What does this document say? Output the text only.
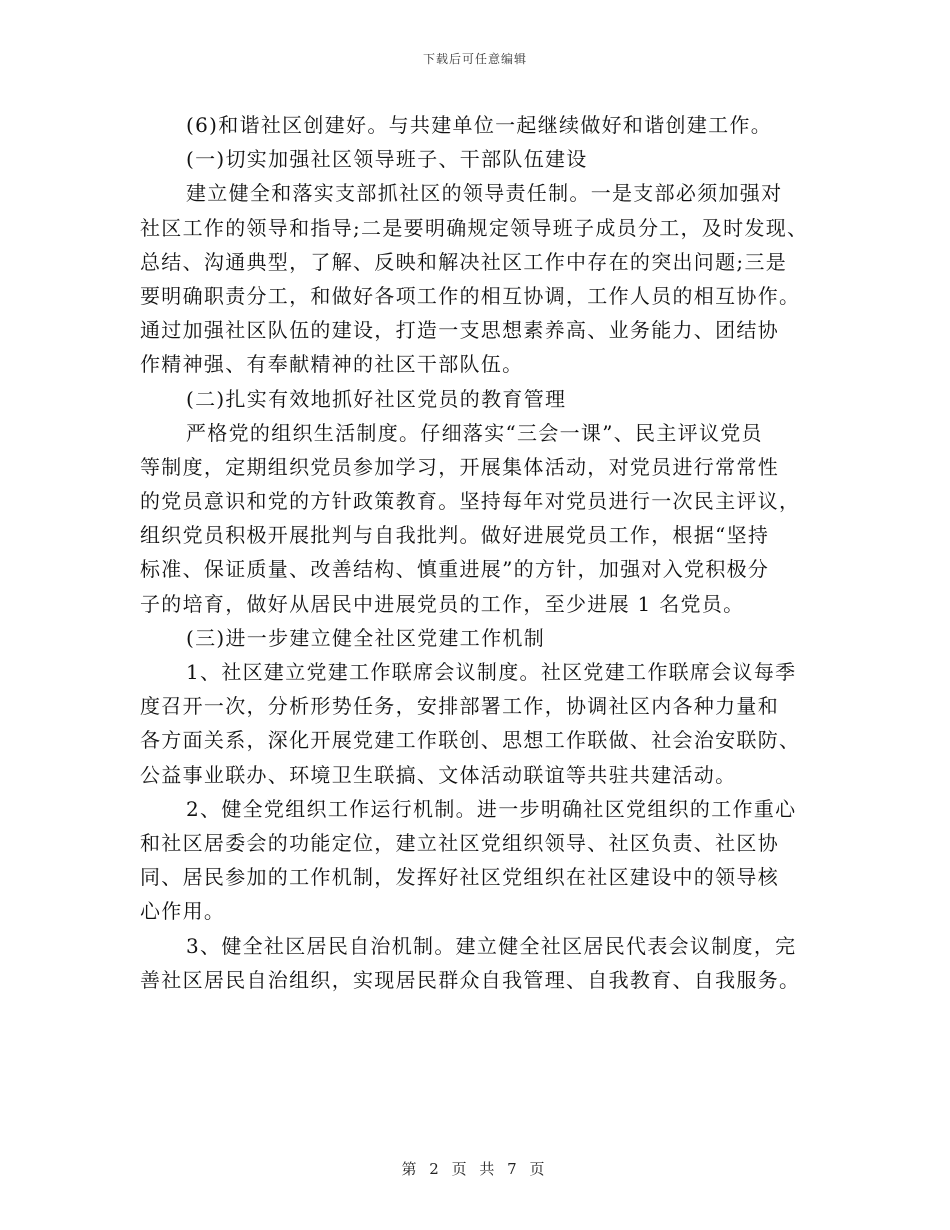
下载后可任意编辑
(6)和谐社区创建好。与共建单位一起继续做好和谐创建工作。
(一)切实加强社区领导班子、干部队伍建设
建立健全和落实支部抓社区的领导责任制。一是支部必须加强对
社区工作的领导和指导;二是要明确规定领导班子成员分工，及时发现、
总结、沟通典型，了解、反映和解决社区工作中存在的突出问题;三是
要明确职责分工，和做好各项工作的相互协调，工作人员的相互协作。
通过加强社区队伍的建设，打造一支思想素养高、业务能力、团结协
作精神强、有奉献精神的社区干部队伍。
(二)扎实有效地抓好社区党员的教育管理
严格党的组织生活制度。仔细落实“三会一课”、民主评议党员
等制度，定期组织党员参加学习，开展集体活动，对党员进行常常性
的党员意识和党的方针政策教育。坚持每年对党员进行一次民主评议，
组织党员积极开展批判与自我批判。做好进展党员工作，根据“坚持
标准、保证质量、改善结构、慎重进展”的方针，加强对入党积极分
子的培育，做好从居民中进展党员的工作，至少进展 1 名党员。
(三)进一步建立健全社区党建工作机制
1、社区建立党建工作联席会议制度。社区党建工作联席会议每季
度召开一次，分析形势任务，安排部署工作，协调社区内各种力量和
各方面关系，深化开展党建工作联创、思想工作联做、社会治安联防、
公益事业联办、环境卫生联搞、文体活动联谊等共驻共建活动。
2、健全党组织工作运行机制。进一步明确社区党组织的工作重心
和社区居委会的功能定位，建立社区党组织领导、社区负责、社区协
同、居民参加的工作机制，发挥好社区党组织在社区建设中的领导核
心作用。
3、健全社区居民自治机制。建立健全社区居民代表会议制度，完
善社区居民自治组织，实现居民群众自我管理、自我教育、自我服务。
第 2 页 共 7 页
